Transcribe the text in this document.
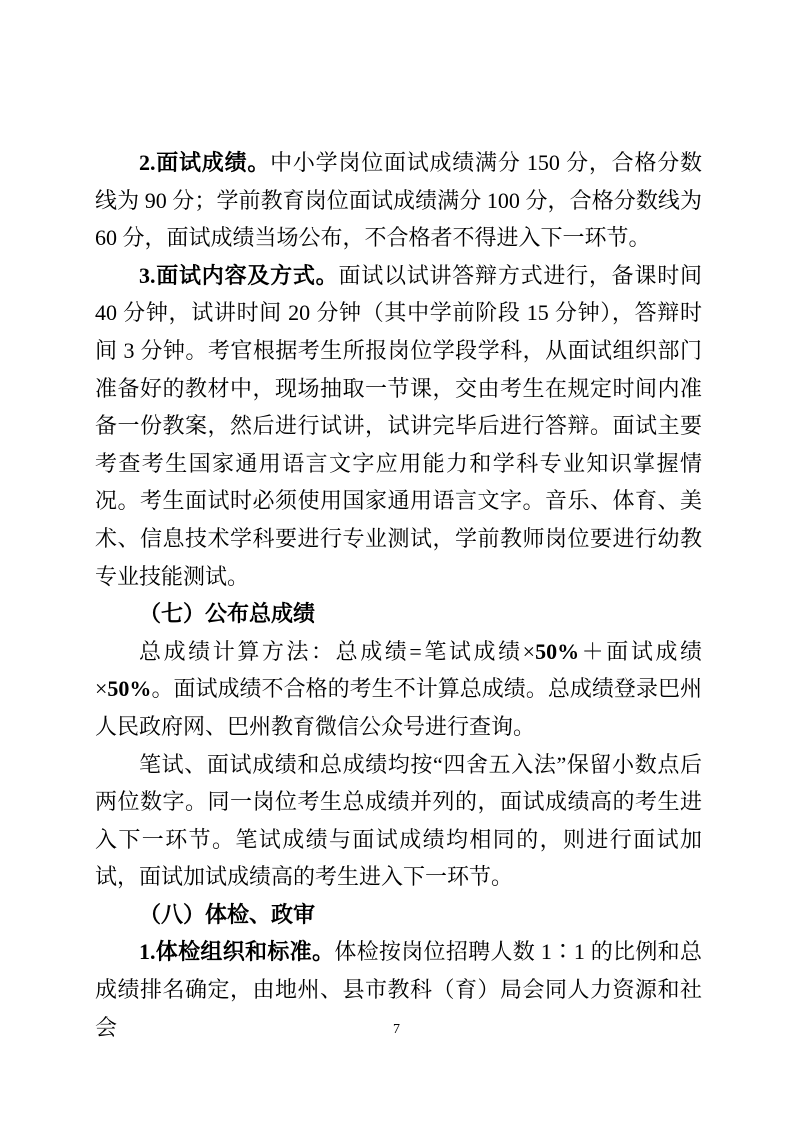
2.面试成绩。中小学岗位面试成绩满分 150 分，合格分数线为 90 分；学前教育岗位面试成绩满分 100 分，合格分数线为 60 分，面试成绩当场公布，不合格者不得进入下一环节。

3.面试内容及方式。面试以试讲答辩方式进行，备课时间 40 分钟，试讲时间 20 分钟（其中学前阶段 15 分钟），答辩时间 3 分钟。考官根据考生所报岗位学段学科，从面试组织部门准备好的教材中，现场抽取一节课，交由考生在规定时间内准备一份教案，然后进行试讲，试讲完毕后进行答辩。面试主要考查考生国家通用语言文字应用能力和学科专业知识掌握情况。考生面试时必须使用国家通用语言文字。音乐、体育、美术、信息技术学科要进行专业测试，学前教师岗位要进行幼教专业技能测试。

（七）公布总成绩

总成绩计算方法：总成绩=笔试成绩×50%＋面试成绩×50%。面试成绩不合格的考生不计算总成绩。总成绩登录巴州人民政府网、巴州教育微信公众号进行查询。

笔试、面试成绩和总成绩均按“四舍五入法”保留小数点后两位数字。同一岗位考生总成绩并列的，面试成绩高的考生进入下一环节。笔试成绩与面试成绩均相同的，则进行面试加试，面试加试成绩高的考生进入下一环节。

（八）体检、政审

1.体检组织和标准。体检按岗位招聘人数 1∶1 的比例和总成绩排名确定，由地州、县市教科（育）局会同人力资源和社会	7
